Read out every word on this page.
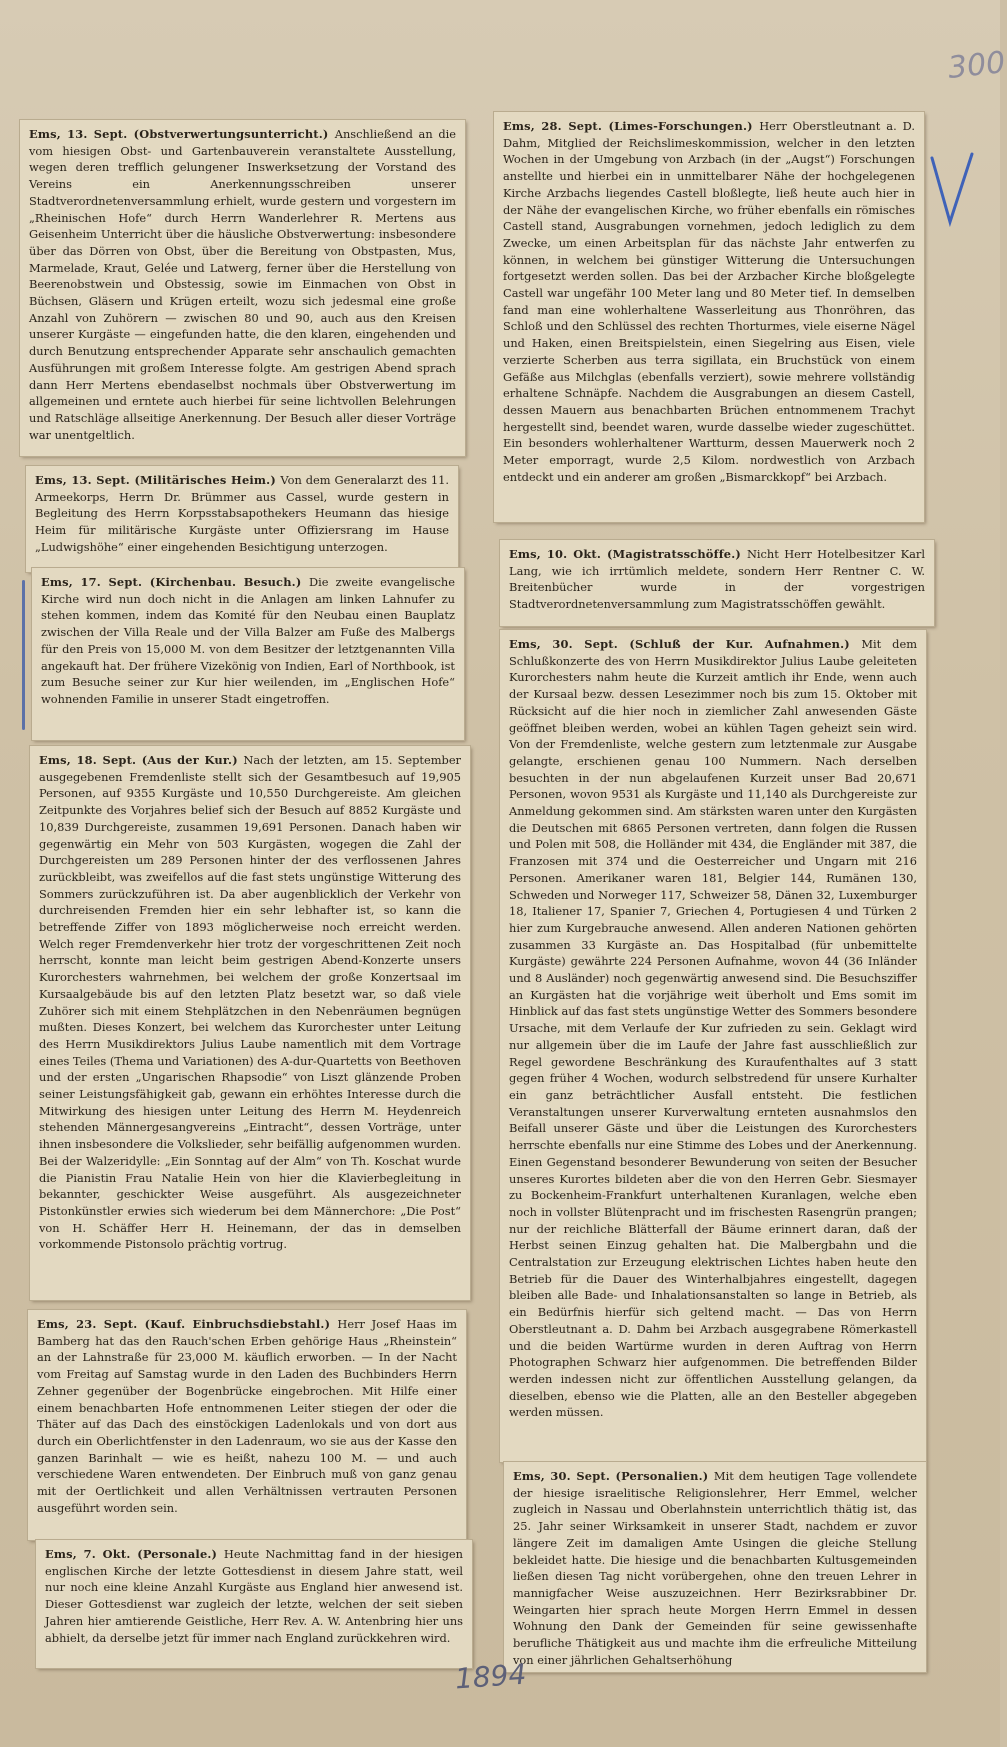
300
Ems, 13. Sept. (Obstverwertungsunterricht.) Anschließend an die vom hiesigen Obst- und Gartenbauverein veranstaltete Ausstellung, wegen deren trefflich gelungener Inswerksetzung der Vorstand des Vereins ein Anerkennungsschreiben unserer Stadtverordnetenversammlung erhielt, wurde gestern und vorgestern im „Rheinischen Hofe“ durch Herrn Wanderlehrer R. Mertens aus Geisenheim Unterricht über die häusliche Obstverwertung: insbesondere über das Dörren von Obst, über die Bereitung von Obstpasten, Mus, Marmelade, Kraut, Gelée und Latwerg, ferner über die Herstellung von Beerenobstwein und Obstessig, sowie im Einmachen von Obst in Büchsen, Gläsern und Krügen erteilt, wozu sich jedesmal eine große Anzahl von Zuhörern — zwischen 80 und 90, auch aus den Kreisen unserer Kurgäste — eingefunden hatte, die den klaren, eingehenden und durch Benutzung entsprechender Apparate sehr anschaulich gemachten Ausführungen mit großem Interesse folgte. Am gestrigen Abend sprach dann Herr Mertens ebendaselbst nochmals über Obstverwertung im allgemeinen und erntete auch hierbei für seine lichtvollen Belehrungen und Ratschläge allseitige Anerkennung. Der Besuch aller dieser Vorträge war unentgeltlich.
Ems, 13. Sept. (Militärisches Heim.) Von dem Generalarzt des 11. Armeekorps, Herrn Dr. Brümmer aus Cassel, wurde gestern in Begleitung des Herrn Korpsstabsapothekers Heumann das hiesige Heim für militärische Kurgäste unter Offiziersrang im Hause „Ludwigshöhe“ einer eingehenden Besichtigung unterzogen.
Ems, 17. Sept. (Kirchenbau. Besuch.) Die zweite evangelische Kirche wird nun doch nicht in die Anlagen am linken Lahnufer zu stehen kommen, indem das Komité für den Neubau einen Bauplatz zwischen der Villa Reale und der Villa Balzer am Fuße des Malbergs für den Preis von 15,000 M. von dem Besitzer der letztgenannten Villa angekauft hat. Der frühere Vizekönig von Indien, Earl of Northbook, ist zum Besuche seiner zur Kur hier weilenden, im „Englischen Hofe“ wohnenden Familie in unserer Stadt eingetroffen.
Ems, 18. Sept. (Aus der Kur.) Nach der letzten, am 15. September ausgegebenen Fremdenliste stellt sich der Gesamtbesuch auf 19,905 Personen, auf 9355 Kurgäste und 10,550 Durchgereiste. Am gleichen Zeitpunkte des Vorjahres belief sich der Besuch auf 8852 Kurgäste und 10,839 Durchgereiste, zusammen 19,691 Personen. Danach haben wir gegenwärtig ein Mehr von 503 Kurgästen, wogegen die Zahl der Durchgereisten um 289 Personen hinter der des verflossenen Jahres zurückbleibt, was zweifellos auf die fast stets ungünstige Witterung des Sommers zurückzuführen ist. Da aber augenblicklich der Verkehr von durchreisenden Fremden hier ein sehr lebhafter ist, so kann die betreffende Ziffer von 1893 möglicherweise noch erreicht werden. Welch reger Fremdenverkehr hier trotz der vorgeschrittenen Zeit noch herrscht, konnte man leicht beim gestrigen Abend-Konzerte unsers Kurorchesters wahrnehmen, bei welchem der große Konzertsaal im Kursaalgebäude bis auf den letzten Platz besetzt war, so daß viele Zuhörer sich mit einem Stehplätzchen in den Nebenräumen begnügen mußten. Dieses Konzert, bei welchem das Kurorchester unter Leitung des Herrn Musikdirektors Julius Laube namentlich mit dem Vortrage eines Teiles (Thema und Variationen) des A-dur-Quartetts von Beethoven und der ersten „Ungarischen Rhapsodie“ von Liszt glänzende Proben seiner Leistungsfähigkeit gab, gewann ein erhöhtes Interesse durch die Mitwirkung des hiesigen unter Leitung des Herrn M. Heydenreich stehenden Männergesangvereins „Eintracht“, dessen Vorträge, unter ihnen insbesondere die Volkslieder, sehr beifällig aufgenommen wurden. Bei der Walzeridylle: „Ein Sonntag auf der Alm“ von Th. Koschat wurde die Pianistin Frau Natalie Hein von hier die Klavierbegleitung in bekannter, geschickter Weise ausgeführt. Als ausgezeichneter Pistonkünstler erwies sich wiederum bei dem Männerchore: „Die Post“ von H. Schäffer Herr H. Heinemann, der das in demselben vorkommende Pistonsolo prächtig vortrug.
Ems, 23. Sept. (Kauf. Einbruchsdiebstahl.) Herr Josef Haas im Bamberg hat das den Rauch'schen Erben gehörige Haus „Rheinstein“ an der Lahnstraße für 23,000 M. käuflich erworben. — In der Nacht vom Freitag auf Samstag wurde in den Laden des Buchbinders Herrn Zehner gegenüber der Bogenbrücke eingebrochen. Mit Hilfe einer einem benachbarten Hofe entnommenen Leiter stiegen der oder die Thäter auf das Dach des einstöckigen Ladenlokals und von dort aus durch ein Oberlichtfenster in den Ladenraum, wo sie aus der Kasse den ganzen Barinhalt — wie es heißt, nahezu 100 M. — und auch verschiedene Waren entwendeten. Der Einbruch muß von ganz genau mit der Oertlichkeit und allen Verhältnissen vertrauten Personen ausgeführt worden sein.
Ems, 7. Okt. (Personale.) Heute Nachmittag fand in der hiesigen englischen Kirche der letzte Gottesdienst in diesem Jahre statt, weil nur noch eine kleine Anzahl Kurgäste aus England hier anwesend ist. Dieser Gottesdienst war zugleich der letzte, welchen der seit sieben Jahren hier amtierende Geistliche, Herr Rev. A. W. Antenbring hier uns abhielt, da derselbe jetzt für immer nach England zurückkehren wird.
Ems, 28. Sept. (Limes-Forschungen.) Herr Oberstleutnant a. D. Dahm, Mitglied der Reichslimeskommission, welcher in den letzten Wochen in der Umgebung von Arzbach (in der „Augst“) Forschungen anstellte und hierbei ein in unmittelbarer Nähe der hochgelegenen Kirche Arzbachs liegendes Castell bloßlegte, ließ heute auch hier in der Nähe der evangelischen Kirche, wo früher ebenfalls ein römisches Castell stand, Ausgrabungen vornehmen, jedoch lediglich zu dem Zwecke, um einen Arbeitsplan für das nächste Jahr entwerfen zu können, in welchem bei günstiger Witterung die Untersuchungen fortgesetzt werden sollen. Das bei der Arzbacher Kirche bloßgelegte Castell war ungefähr 100 Meter lang und 80 Meter tief. In demselben fand man eine wohlerhaltene Wasserleitung aus Thonröhren, das Schloß und den Schlüssel des rechten Thorturmes, viele eiserne Nägel und Haken, einen Breitspielstein, einen Siegelring aus Eisen, viele verzierte Scherben aus terra sigillata, ein Bruchstück von einem Gefäße aus Milchglas (ebenfalls verziert), sowie mehrere vollständig erhaltene Schnäpfe. Nachdem die Ausgrabungen an diesem Castell, dessen Mauern aus benachbarten Brüchen entnommenem Trachyt hergestellt sind, beendet waren, wurde dasselbe wieder zugeschüttet. Ein besonders wohlerhaltener Wartturm, dessen Mauerwerk noch 2 Meter emporragt, wurde 2,5 Kilom. nordwestlich von Arzbach entdeckt und ein anderer am großen „Bismarckkopf“ bei Arzbach.
Ems, 10. Okt. (Magistratsschöffe.) Nicht Herr Hotelbesitzer Karl Lang, wie ich irrtümlich meldete, sondern Herr Rentner C. W. Breitenbücher wurde in der vorgestrigen Stadtverordnetenversammlung zum Magistratsschöffen gewählt.
Ems, 30. Sept. (Schluß der Kur. Aufnahmen.) Mit dem Schlußkonzerte des von Herrn Musikdirektor Julius Laube geleiteten Kurorchesters nahm heute die Kurzeit amtlich ihr Ende, wenn auch der Kursaal bezw. dessen Lesezimmer noch bis zum 15. Oktober mit Rücksicht auf die hier noch in ziemlicher Zahl anwesenden Gäste geöffnet bleiben werden, wobei an kühlen Tagen geheizt sein wird. Von der Fremdenliste, welche gestern zum letztenmale zur Ausgabe gelangte, erschienen genau 100 Nummern. Nach derselben besuchten in der nun abgelaufenen Kurzeit unser Bad 20,671 Personen, wovon 9531 als Kurgäste und 11,140 als Durchgereiste zur Anmeldung gekommen sind. Am stärksten waren unter den Kurgästen die Deutschen mit 6865 Personen vertreten, dann folgen die Russen und Polen mit 508, die Holländer mit 434, die Engländer mit 387, die Franzosen mit 374 und die Oesterreicher und Ungarn mit 216 Personen. Amerikaner waren 181, Belgier 144, Rumänen 130, Schweden und Norweger 117, Schweizer 58, Dänen 32, Luxemburger 18, Italiener 17, Spanier 7, Griechen 4, Portugiesen 4 und Türken 2 hier zum Kurgebrauche anwesend. Allen anderen Nationen gehörten zusammen 33 Kurgäste an. Das Hospitalbad (für unbemittelte Kurgäste) gewährte 224 Personen Aufnahme, wovon 44 (36 Inländer und 8 Ausländer) noch gegenwärtig anwesend sind. Die Besuchsziffer an Kurgästen hat die vorjährige weit überholt und Ems somit im Hinblick auf das fast stets ungünstige Wetter des Sommers besondere Ursache, mit dem Verlaufe der Kur zufrieden zu sein. Geklagt wird nur allgemein über die im Laufe der Jahre fast ausschließlich zur Regel gewordene Beschränkung des Kuraufenthaltes auf 3 statt gegen früher 4 Wochen, wodurch selbstredend für unsere Kurhalter ein ganz beträchtlicher Ausfall entsteht. Die festlichen Veranstaltungen unserer Kurverwaltung ernteten ausnahmslos den Beifall unserer Gäste und über die Leistungen des Kurorchesters herrschte ebenfalls nur eine Stimme des Lobes und der Anerkennung. Einen Gegenstand besonderer Bewunderung von seiten der Besucher unseres Kurortes bildeten aber die von den Herren Gebr. Siesmayer zu Bockenheim-Frankfurt unterhaltenen Kuranlagen, welche eben noch in vollster Blütenpracht und im frischesten Rasengrün prangen; nur der reichliche Blätterfall der Bäume erinnert daran, daß der Herbst seinen Einzug gehalten hat. Die Malbergbahn und die Centralstation zur Erzeugung elektrischen Lichtes haben heute den Betrieb für die Dauer des Winterhalbjahres eingestellt, dagegen bleiben alle Bade- und Inhalationsanstalten so lange in Betrieb, als ein Bedürfnis hierfür sich geltend macht. — Das von Herrn Oberstleutnant a. D. Dahm bei Arzbach ausgegrabene Römerkastell und die beiden Wartürme wurden in deren Auftrag von Herrn Photographen Schwarz hier aufgenommen. Die betreffenden Bilder werden indessen nicht zur öffentlichen Ausstellung gelangen, da dieselben, ebenso wie die Platten, alle an den Besteller abgegeben werden müssen.
Ems, 30. Sept. (Personalien.) Mit dem heutigen Tage vollendete der hiesige israelitische Religionslehrer, Herr Emmel, welcher zugleich in Nassau und Oberlahnstein unterrichtlich thätig ist, das 25. Jahr seiner Wirksamkeit in unserer Stadt, nachdem er zuvor längere Zeit im damaligen Amte Usingen die gleiche Stellung bekleidet hatte. Die hiesige und die benachbarten Kultusgemeinden ließen diesen Tag nicht vorübergehen, ohne den treuen Lehrer in mannigfacher Weise auszuzeichnen. Herr Bezirksrabbiner Dr. Weingarten hier sprach heute Morgen Herrn Emmel in dessen Wohnung den Dank der Gemeinden für seine gewissenhafte berufliche Thätigkeit aus und machte ihm die erfreuliche Mitteilung von einer jährlichen Gehaltserhöhung
1894
